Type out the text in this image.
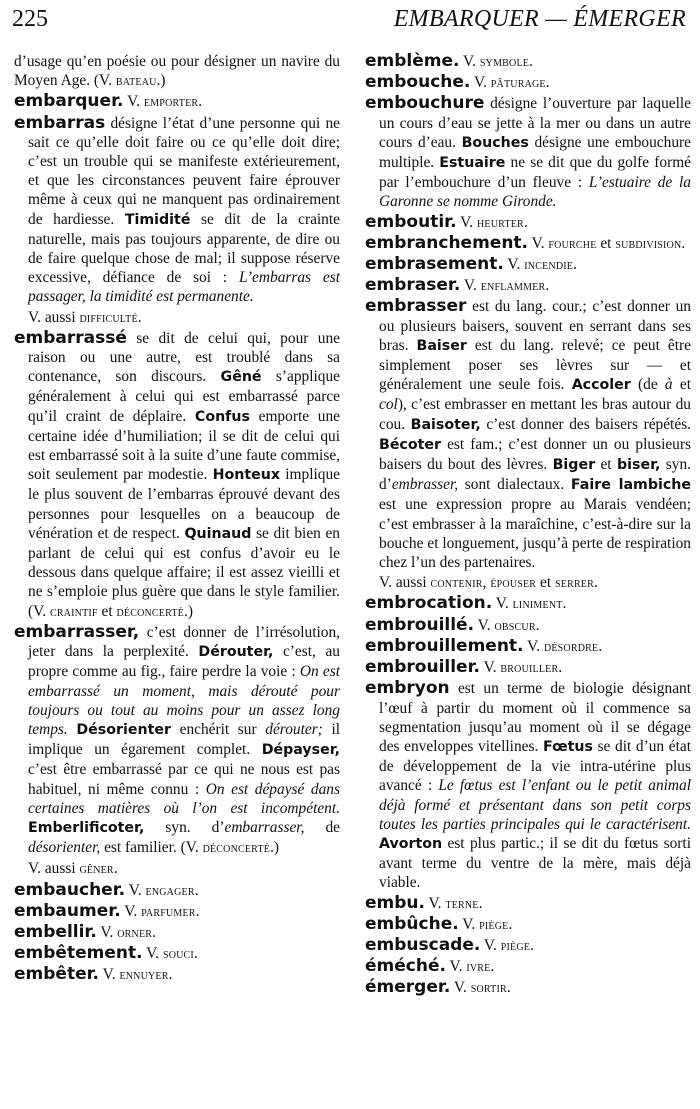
225	EMBARQUER — ÉMERGER

d’usage qu’en poésie ou pour désigner un navire du Moyen Age. (V. bateau.)

embarquer. V. emporter.

embarras désigne l’état d’une personne qui ne sait ce qu’elle doit faire ou ce qu’elle doit dire; c’est un trouble qui se manifeste extérieurement, et que les circonstances peuvent faire éprouver même à ceux qui ne manquent pas ordinairement de hardiesse. Timidité se dit de la crainte naturelle, mais pas toujours apparente, de dire ou de faire quelque chose de mal; il suppose réserve excessive, défiance de soi : L’embarras est passager, la timidité est permanente.

V. aussi difficulté.

embarrassé se dit de celui qui, pour une raison ou une autre, est troublé dans sa contenance, son discours. Gêné s’applique généralement à celui qui est embarrassé parce qu’il craint de déplaire. Confus emporte une certaine idée d’humiliation; il se dit de celui qui est embarrassé soit à la suite d’une faute commise, soit seulement par modestie. Honteux implique le plus souvent de l’embarras éprouvé devant des personnes pour lesquelles on a beaucoup de vénération et de respect. Quinaud se dit bien en parlant de celui qui est confus d’avoir eu le dessous dans quelque affaire; il est assez vieilli et ne s’emploie plus guère que dans le style familier. (V. craintif et déconcerté.)

embarrasser, c’est donner de l’irrésolution, jeter dans la perplexité. Dérouter, c’est, au propre comme au fig., faire perdre la voie : On est embarrassé un moment, mais dérouté pour toujours ou tout au moins pour un assez long temps. Désorienter enchérit sur dérouter; il implique un égarement complet. Dépayser, c’est être embarrassé par ce qui ne nous est pas habituel, ni même connu : On est dépaysé dans certaines matières où l’on est incompétent. Emberlificoter, syn. d’embarrasser, de désorienter, est familier. (V. déconcerté.)

V. aussi gêner.

embaucher. V. engager.

embaumer. V. parfumer.

embellir. V. orner.

embêtement. V. souci.

embêter. V. ennuyer.

emblème. V. symbole.

embouche. V. pâturage.

embouchure désigne l’ouverture par laquelle un cours d’eau se jette à la mer ou dans un autre cours d’eau. Bouches désigne une embouchure multiple. Estuaire ne se dit que du golfe formé par l’embouchure d’un fleuve : L’estuaire de la Garonne se nomme Gironde.

emboutir. V. heurter.

embranchement. V. fourche et subdivision.

embrasement. V. incendie.

embraser. V. enflammer.

embrasser est du lang. cour.; c’est donner un ou plusieurs baisers, souvent en serrant dans ses bras. Baiser est du lang. relevé; ce peut être simplement poser ses lèvres sur — et généralement une seule fois. Accoler (de à et col), c’est embrasser en mettant les bras autour du cou. Baisoter, c’est donner des baisers répétés. Bécoter est fam.; c’est donner un ou plusieurs baisers du bout des lèvres. Biger et biser, syn. d’embrasser, sont dialectaux. Faire lambiche est une expression propre au Marais vendéen; c’est embrasser à la maraîchine, c’est-à-dire sur la bouche et longuement, jusqu’à perte de respiration chez l’un des partenaires.

V. aussi contenir, épouser et serrer.

embrocation. V. liniment.

embrouillé. V. obscur.

embrouillement. V. désordre.

embrouiller. V. brouiller.

embryon est un terme de biologie désignant l’œuf à partir du moment où il commence sa segmentation jusqu’au moment où il se dégage des enveloppes vitellines. Fœtus se dit d’un état de développement de la vie intra-utérine plus avancé : Le fœtus est l’enfant ou le petit animal déjà formé et présentant dans son petit corps toutes les parties principales qui le caractérisent. Avorton est plus partic.; il se dit du fœtus sorti avant terme du ventre de la mère, mais déjà viable.

embu. V. terne.

embûche. V. piège.

embuscade. V. piège.

éméché. V. ivre.

émerger. V. sortir.
